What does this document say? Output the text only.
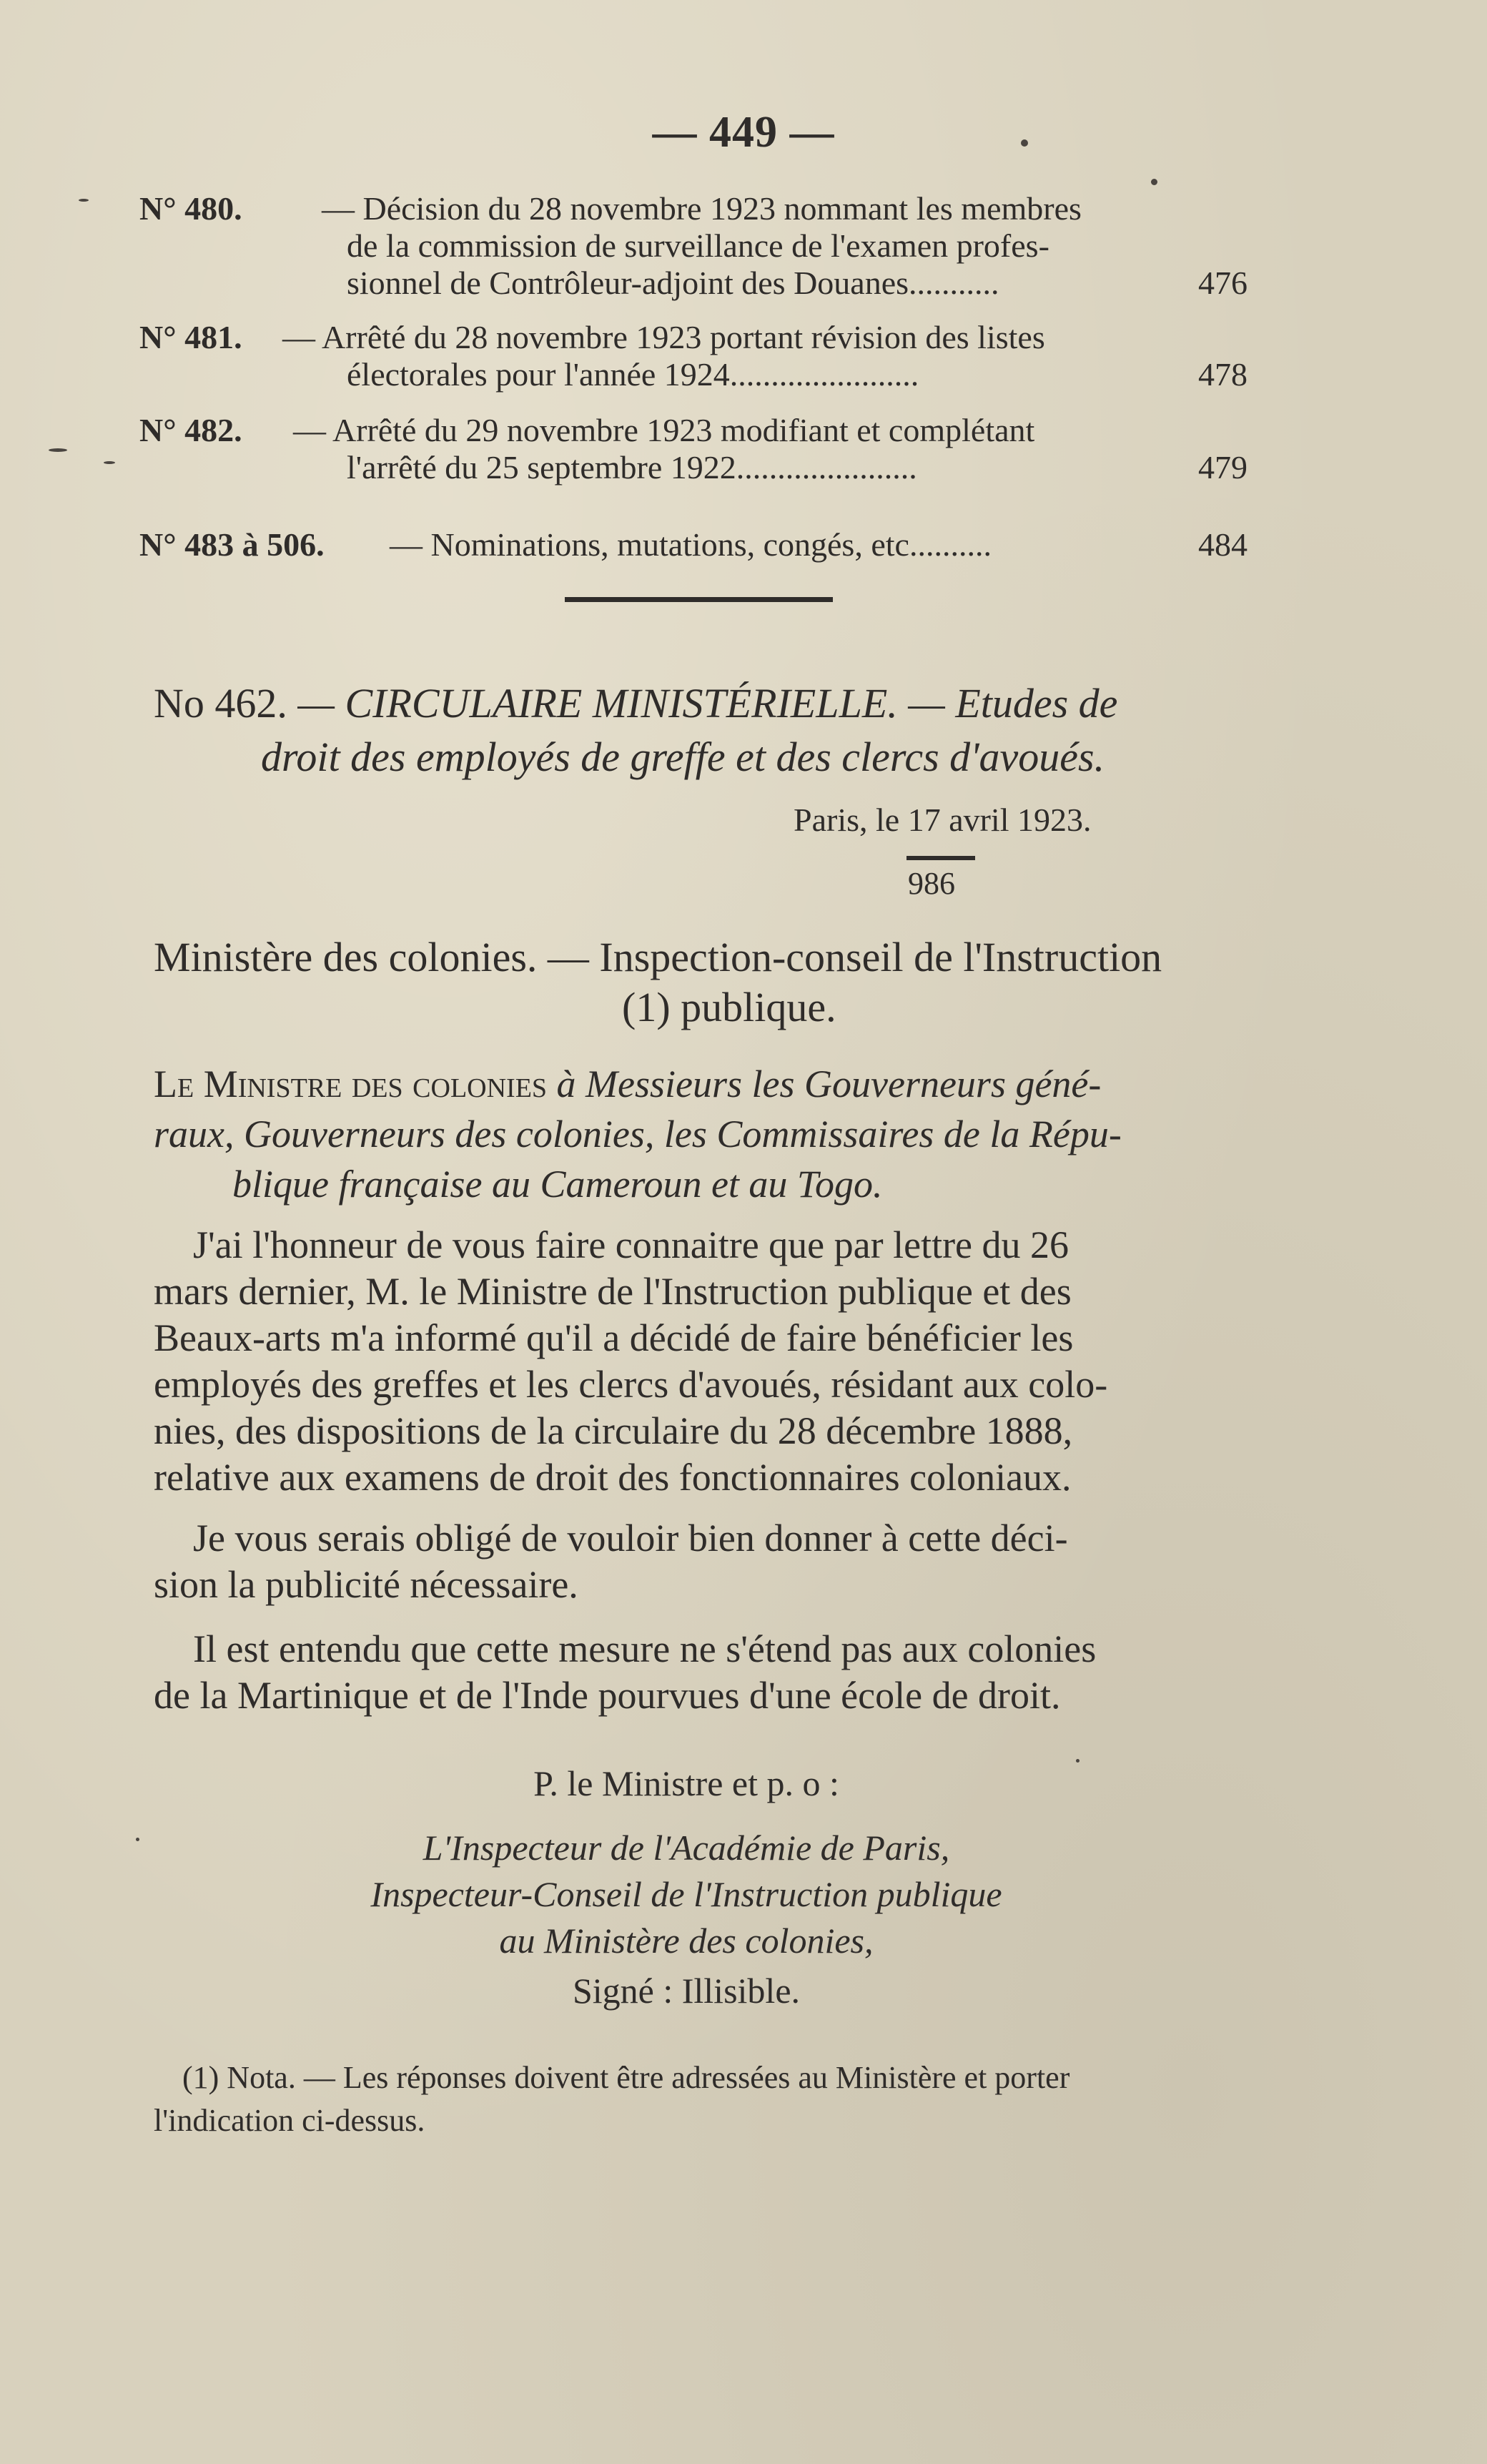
— 449 —
N° 480. — Décision du 28 novembre 1923 nommant les membres
de la commission de surveillance de l'examen profes-
sionnel de Contrôleur-adjoint des Douanes...........	476
N° 481. — Arrêté du 28 novembre 1923 portant révision des listes
électorales pour l'année 1924.......................	478
N° 482. — Arrêté du 29 novembre 1923 modifiant et complétant
l'arrêté du 25 septembre 1922......................	479
N° 483 à 506. — Nominations, mutations, congés, etc..........	484
No 462. — CIRCULAIRE MINISTÉRIELLE. — Etudes de
droit des employés de greffe et des clercs d'avoués.
Paris, le 17 avril 1923.
986
Ministère des colonies. — Inspection-conseil de l'Instruction
(1) publique.
Le Ministre des colonies à Messieurs les Gouverneurs géné-
raux, Gouverneurs des colonies, les Commissaires de la Répu-
blique française au Cameroun et au Togo.
J'ai l'honneur de vous faire connaitre que par lettre du 26
mars dernier, M. le Ministre de l'Instruction publique et des
Beaux-arts m'a informé qu'il a décidé de faire bénéficier les
employés des greffes et les clercs d'avoués, résidant aux colo-
nies, des dispositions de la circulaire du 28 décembre 1888,
relative aux examens de droit des fonctionnaires coloniaux.
Je vous serais obligé de vouloir bien donner à cette déci-
sion la publicité nécessaire.
Il est entendu que cette mesure ne s'étend pas aux colonies
de la Martinique et de l'Inde pourvues d'une école de droit.
P. le Ministre et p. o :
L'Inspecteur de l'Académie de Paris,
Inspecteur-Conseil de l'Instruction publique
au Ministère des colonies,
Signé : Illisible.
(1) Nota. — Les réponses doivent être adressées au Ministère et porter
l'indication ci-dessus.
